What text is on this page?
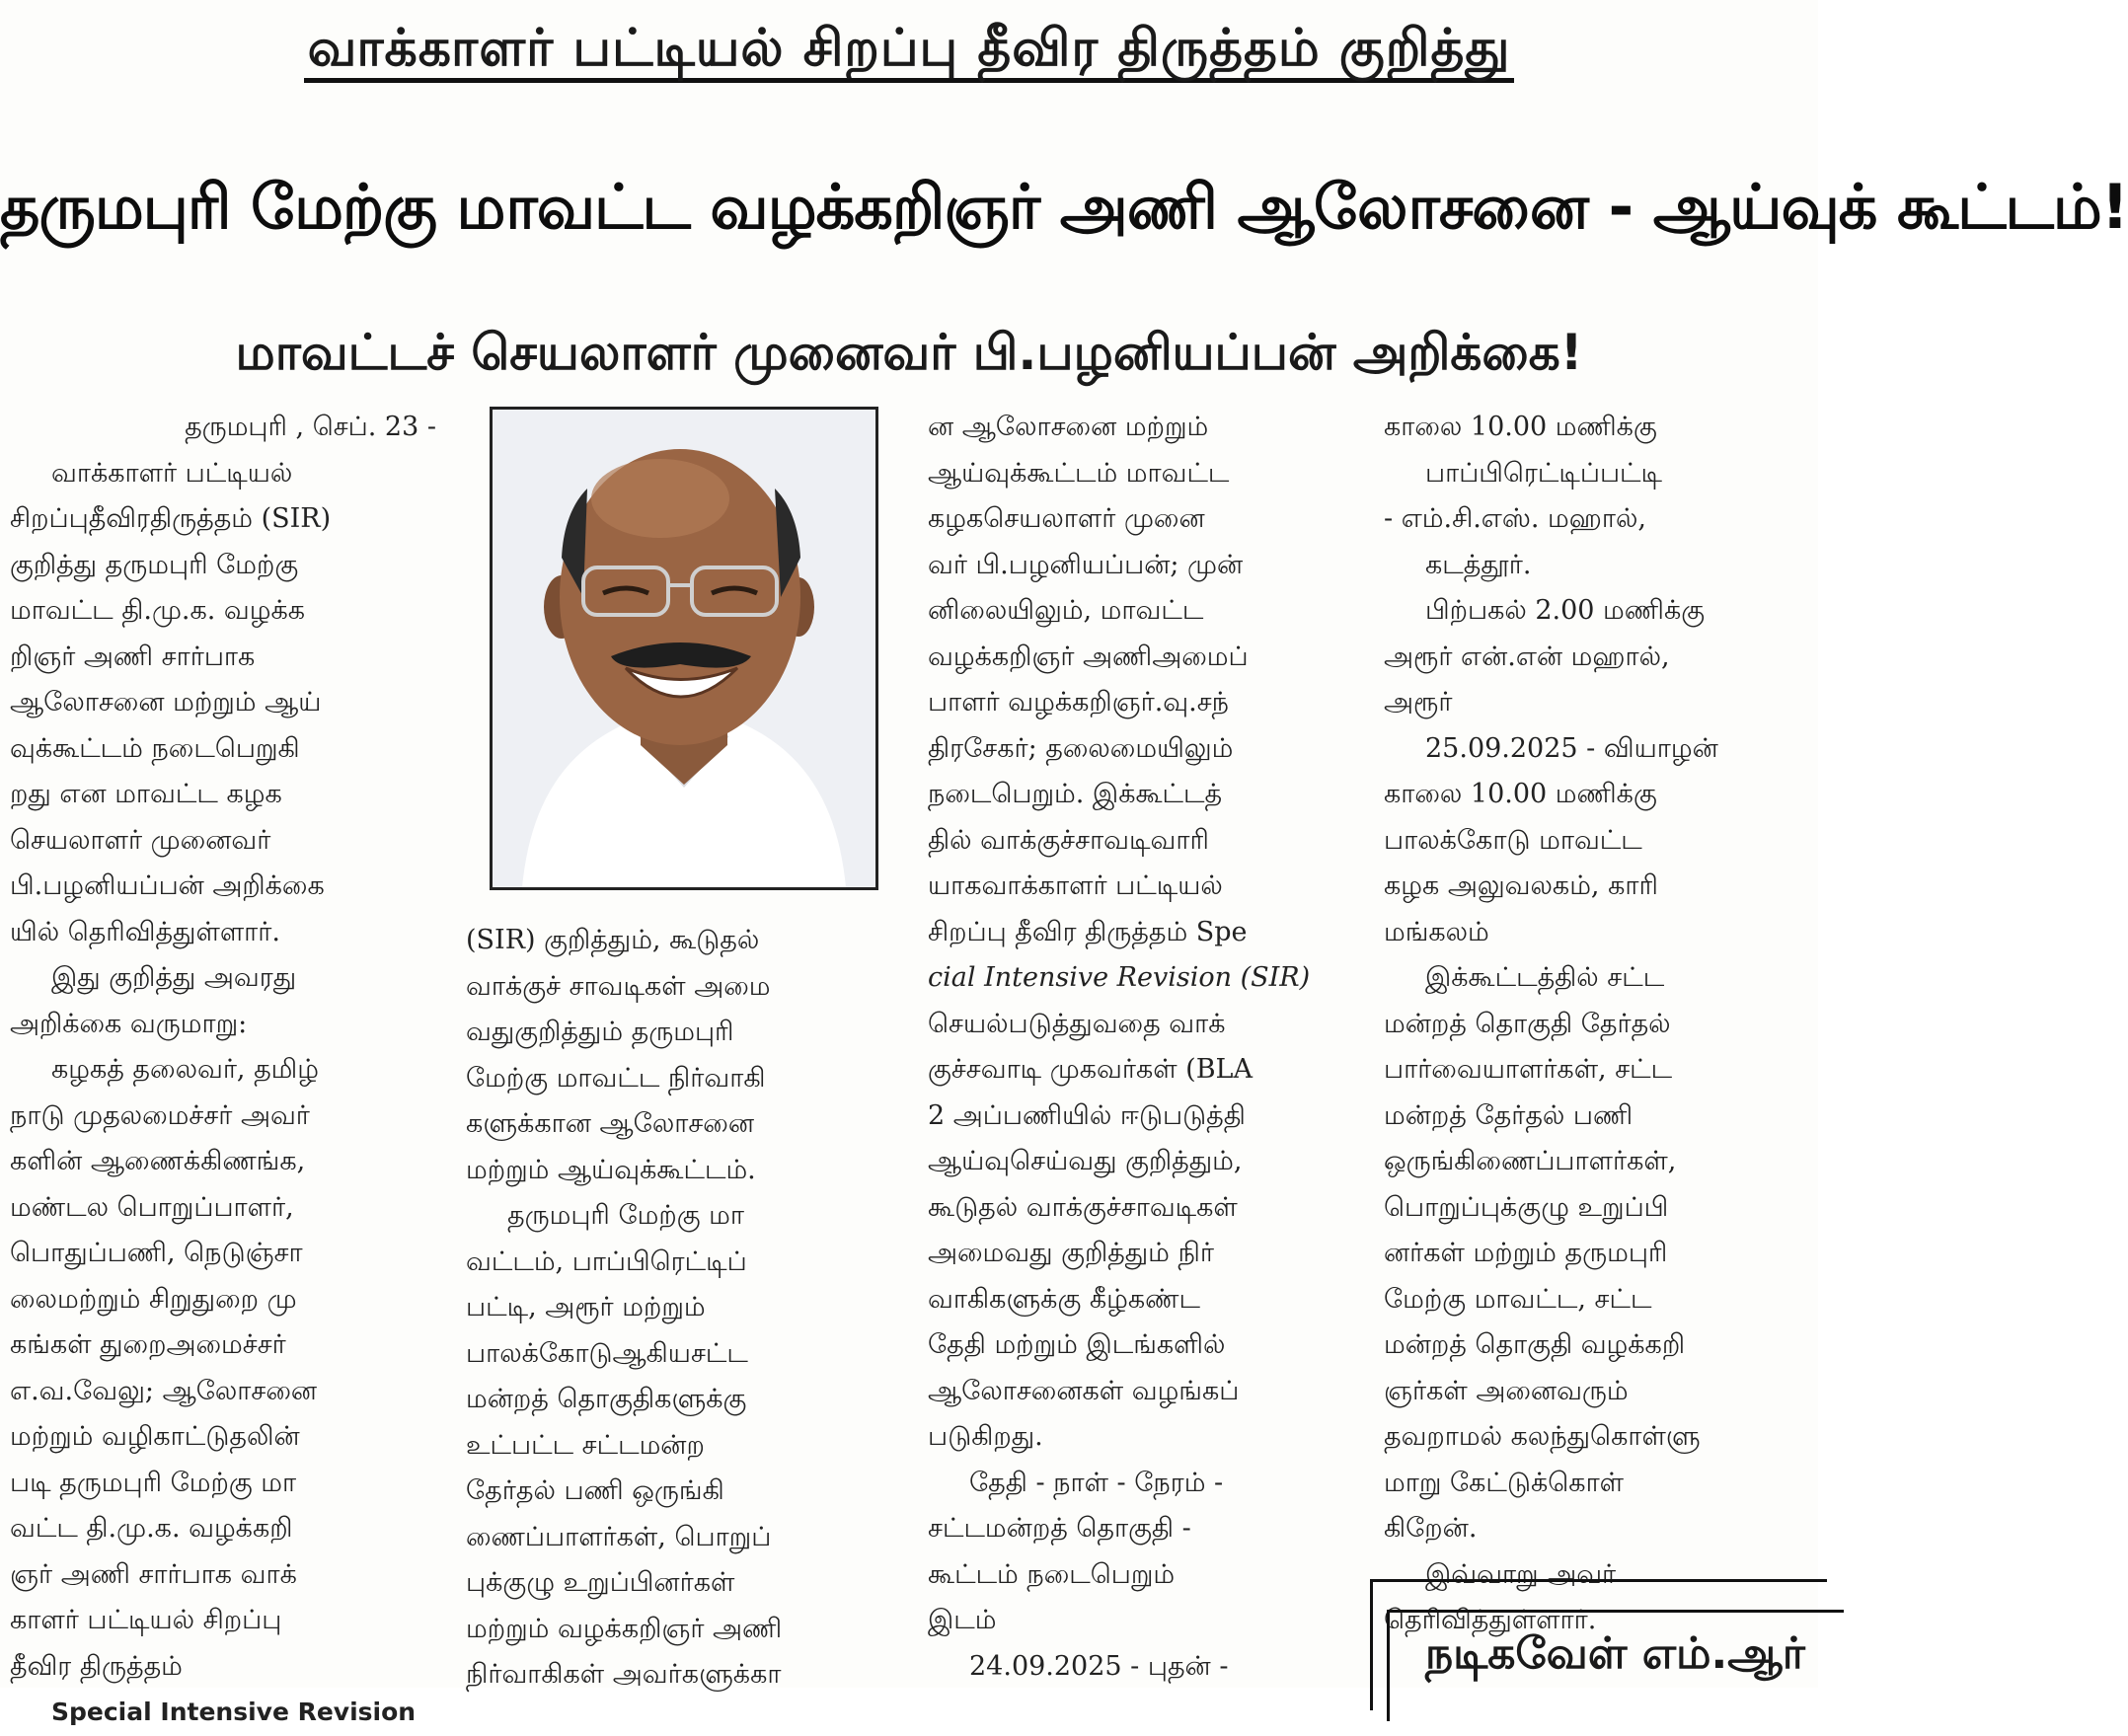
வாக்காளர் பட்டியல் சிறப்பு தீவிர திருத்தம் குறித்து
தருமபுரி மேற்கு மாவட்ட வழக்கறிஞர் அணி ஆலோசனை - ஆய்வுக் கூட்டம்!
மாவட்டச் செயலாளர் முனைவர் பி.பழனியப்பன் அறிக்கை!

தருமபுரி , செப். 23 -

வாக்காளர் பட்டியல்

சிறப்புதீவிரதிருத்தம் (SIR)

குறித்து தருமபுரி மேற்கு

மாவட்ட தி.மு.க. வழக்க

றிஞர் அணி சார்பாக

ஆலோசனை மற்றும் ஆய்

வுக்கூட்டம் நடைபெறுகி

றது என மாவட்ட கழக

செயலாளர் முனைவர்

பி.பழனியப்பன் அறிக்கை

யில் தெரிவித்துள்ளார்.

இது குறித்து அவரது

அறிக்கை வருமாறு:

கழகத் தலைவர், தமிழ்

நாடு முதலமைச்சர் அவர்

களின் ஆணைக்கிணங்க,

மண்டல பொறுப்பாளர்,

பொதுப்பணி, நெடுஞ்சா

லைமற்றும் சிறுதுறை மு

கங்கள் துறைஅமைச்சர்

எ.வ.வேலு; ஆலோசனை

மற்றும் வழிகாட்டுதலின்

படி தருமபுரி மேற்கு மா

வட்ட தி.மு.க. வழக்கறி

ஞர் அணி சார்பாக வாக்

காளர் பட்டியல் சிறப்பு

தீவிர திருத்தம்

Special Intensive Revision

(SIR) குறித்தும், கூடுதல்

வாக்குச் சாவடிகள் அமை

வதுகுறித்தும் தருமபுரி

மேற்கு மாவட்ட நிர்வாகி

களுக்கான ஆலோசனை

மற்றும் ஆய்வுக்கூட்டம்.

தருமபுரி மேற்கு மா

வட்டம், பாப்பிரெட்டிப்

பட்டி, அரூர் மற்றும்

பாலக்கோடுஆகியசட்ட

மன்றத் தொகுதிகளுக்கு

உட்பட்ட சட்டமன்ற

தேர்தல் பணி ஒருங்கி

ணைப்பாளர்கள், பொறுப்

புக்குழு உறுப்பினர்கள்

மற்றும் வழக்கறிஞர் அணி

நிர்வாகிகள் அவர்களுக்கா

ன ஆலோசனை மற்றும்

ஆய்வுக்கூட்டம் மாவட்ட

கழகசெயலாளர் முனை

வர் பி.பழனியப்பன்; முன்

னிலையிலும், மாவட்ட

வழக்கறிஞர் அணிஅமைப்

பாளர் வழக்கறிஞர்.வு.சந்

திரசேகர்; தலைமையிலும்

நடைபெறும். இக்கூட்டத்

தில் வாக்குச்சாவடிவாரி

யாகவாக்காளர் பட்டியல்

சிறப்பு தீவிர திருத்தம் Spe

cial Intensive Revision (SIR)

செயல்படுத்துவதை வாக்

குச்சவாடி முகவர்கள் (BLA

2 அப்பணியில் ஈடுபடுத்தி

ஆய்வுசெய்வது குறித்தும்,

கூடுதல் வாக்குச்சாவடிகள்

அமைவது குறித்தும் நிர்

வாகிகளுக்கு கீழ்கண்ட

தேதி மற்றும் இடங்களில்

ஆலோசனைகள் வழங்கப்

படுகிறது.

தேதி - நாள் - நேரம் -

சட்டமன்றத் தொகுதி -

கூட்டம் நடைபெறும்

இடம்

24.09.2025 - புதன் -

காலை 10.00 மணிக்கு

பாப்பிரெட்டிப்பட்டி

- எம்.சி.எஸ். மஹால்,

கடத்தூர்.

பிற்பகல் 2.00 மணிக்கு

அரூர் என்.என் மஹால்,

அரூர்

25.09.2025 - வியாழன்

காலை 10.00 மணிக்கு

பாலக்கோடு மாவட்ட

கழக அலுவலகம், காரி

மங்கலம்

இக்கூட்டத்தில் சட்ட

மன்றத் தொகுதி தேர்தல்

பார்வையாளர்கள், சட்ட

மன்றத் தேர்தல் பணி

ஒருங்கிணைப்பாளர்கள்,

பொறுப்புக்குழு உறுப்பி

னர்கள் மற்றும் தருமபுரி

மேற்கு மாவட்ட, சட்ட

மன்றத் தொகுதி வழக்கறி

ஞர்கள் அனைவரும்

தவறாமல் கலந்துகொள்ளு

மாறு கேட்டுக்கொள்

கிறேன்.

இவ்வாறு அவர்

தெரிவித்துள்ளார்.

நடிகவேள் எம்.ஆர்
